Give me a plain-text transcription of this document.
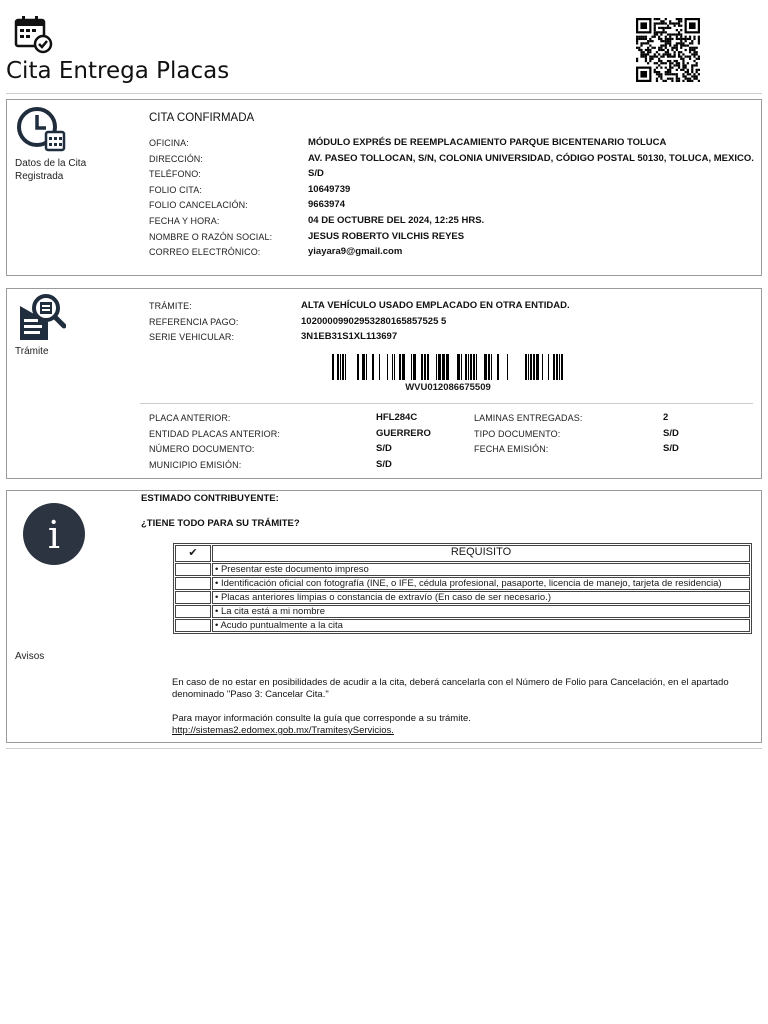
Cita Entrega Placas
Datos de la Cita Registrada
CITA CONFIRMADA
OFICINA:	MÓDULO EXPRÉS DE REEMPLACAMIENTO PARQUE BICENTENARIO TOLUCA
DIRECCIÓN:	AV. PASEO TOLLOCAN, S/N, COLONIA UNIVERSIDAD, CÓDIGO POSTAL 50130, TOLUCA, MEXICO.
TELÉFONO:	S/D
FOLIO CITA:	10649739
FOLIO CANCELACIÓN:	9663974
FECHA Y HORA:	04 DE OCTUBRE DEL 2024, 12:25 HRS.
NOMBRE O RAZÓN SOCIAL:	JESUS ROBERTO VILCHIS REYES
CORREO ELECTRÓNICO:	yiayara9@gmail.com
Trámite
TRÁMITE:	ALTA VEHÍCULO USADO EMPLACADO EN OTRA ENTIDAD.
REFERENCIA PAGO:	10200009902953280165857525 5
SERIE VEHICULAR:	3N1EB31S1XL113697
WVU012086675509
PLACA ANTERIOR:	HFL284C
ENTIDAD PLACAS ANTERIOR:	GUERRERO
NÚMERO DOCUMENTO:	S/D
MUNICIPIO EMISIÓN:	S/D
LAMINAS ENTREGADAS:	2
TIPO DOCUMENTO:	S/D
FECHA EMISIÓN:	S/D
i
Avisos
ESTIMADO CONTRIBUYENTE:
¿TIENE TODO PARA SU TRÁMITE?
✔	REQUISITO
	• Presentar este documento impreso
	• Identificación oficial con fotografía (INE, o IFE, cédula profesional, pasaporte, licencia de manejo, tarjeta de residencia)
	• Placas anteriores limpias o constancia de extravío (En caso de ser necesario.)
	• La cita está a mi nombre
	• Acudo puntualmente a la cita
En caso de no estar en posibilidades de acudir a la cita, deberá cancelarla con el Número de Folio para Cancelación, en el apartado denominado "Paso 3: Cancelar Cita."
Para mayor información consulte la guía que corresponde a su trámite.
http://sistemas2.edomex.gob.mx/TramitesyServicios.
